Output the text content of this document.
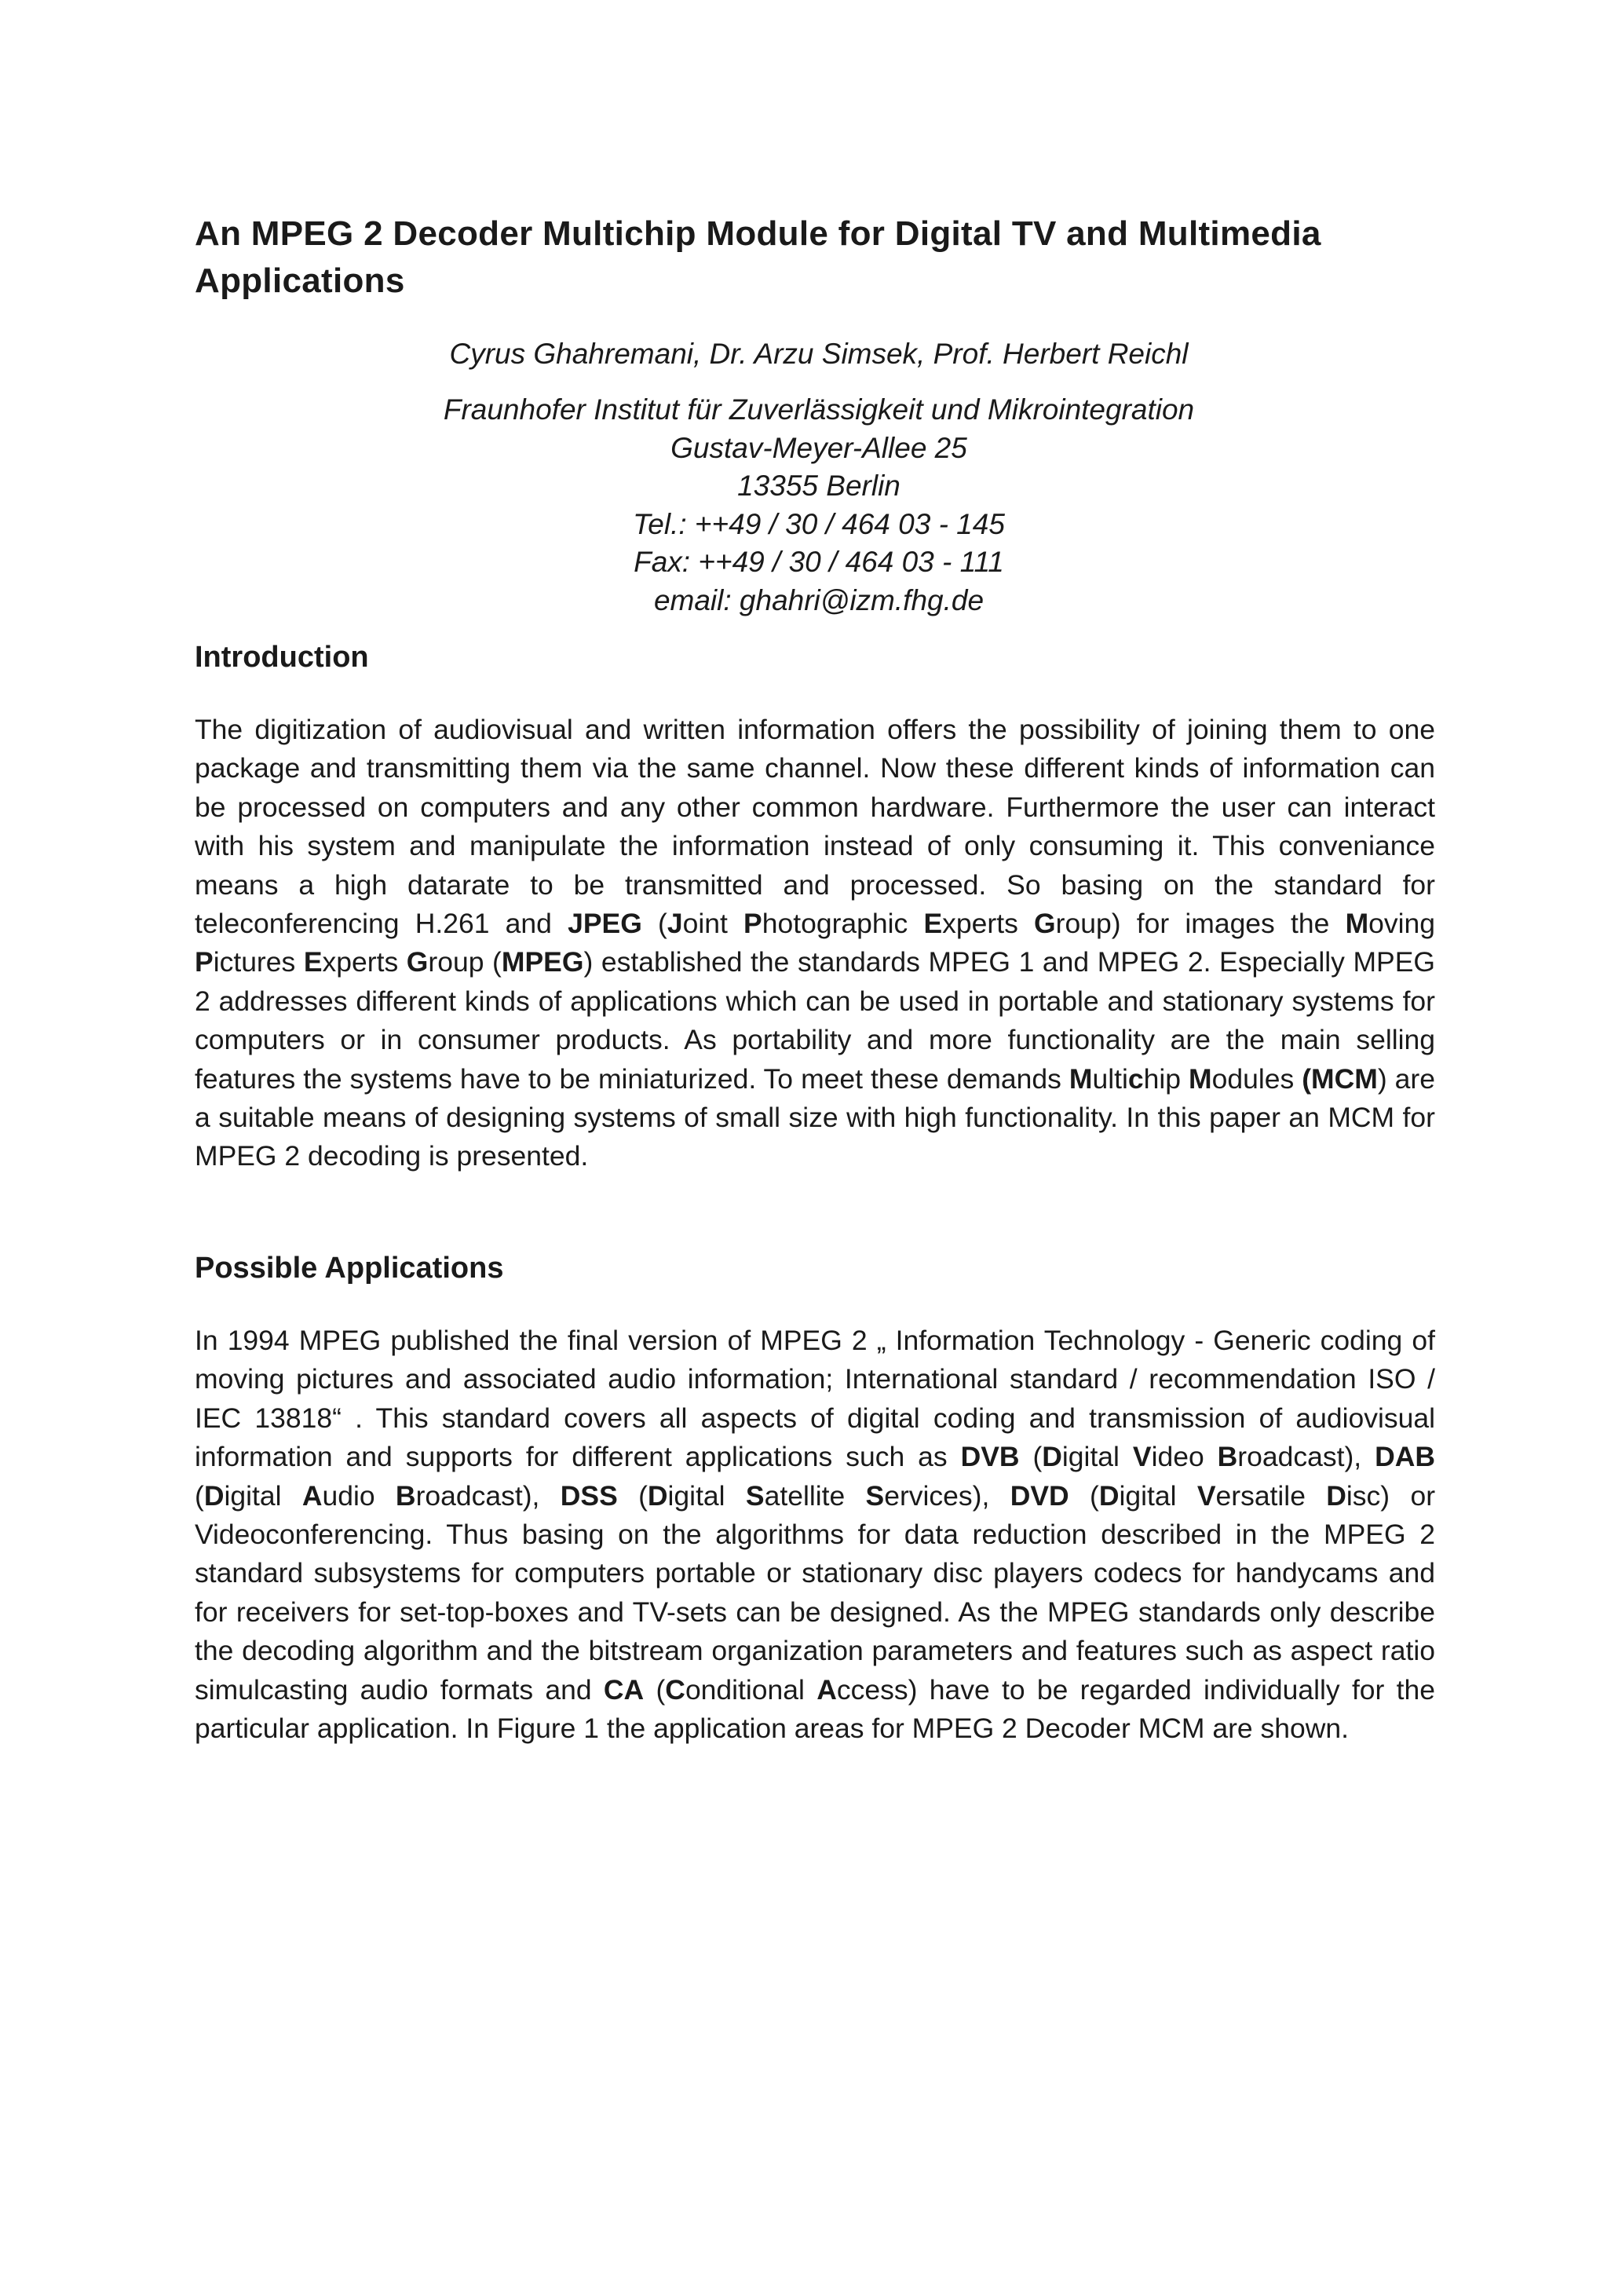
An MPEG 2 Decoder Multichip Module for Digital TV and Multimedia Applications

Cyrus Ghahremani, Dr. Arzu Simsek, Prof. Herbert Reichl

Fraunhofer Institut für Zuverlässigkeit und Mikrointegration

Gustav-Meyer-Allee 25

13355 Berlin

Tel.: ++49 / 30 / 464 03 - 145

Fax: ++49 / 30 / 464 03 - 111

email: ghahri@izm.fhg.de

Introduction

The digitization of audiovisual and written information offers the possibility of joining them to one package and transmitting them via the same channel. Now these different kinds of information can be processed on computers and any other common hardware. Furthermore the user can interact with his system and manipulate the information instead of only consuming it. This conveniance means a high datarate to be transmitted and processed. So basing on the standard for teleconferencing H.261 and JPEG (Joint Photographic Experts Group) for images the Moving Pictures Experts Group (MPEG) established the standards MPEG 1 and MPEG 2. Especially MPEG 2 addresses different kinds of applications which can be used in portable and stationary systems for computers or in consumer products. As portability and more functionality are the main selling features the systems have to be miniaturized. To meet these demands Multichip Modules (MCM) are a suitable means of designing systems of small size with high functionality. In this paper an MCM for MPEG 2 decoding is presented.

Possible Applications

In 1994 MPEG published the final version of MPEG 2 „ Information Technology - Generic coding of moving pictures and associated audio information; International standard / recommendation ISO / IEC 13818“ . This standard covers all aspects of digital coding and transmission of audiovisual information and supports for different applications such as DVB (Digital Video Broadcast), DAB (Digital Audio Broadcast), DSS (Digital Satellite Services), DVD (Digital Versatile Disc) or Videoconferencing. Thus basing on the algorithms for data reduction described in the MPEG 2 standard subsystems for computers portable or stationary disc players codecs for handycams and for receivers for set-top-boxes and TV-sets can be designed. As the MPEG standards only describe the decoding algorithm and the bitstream organization parameters and features such as aspect ratio simulcasting audio formats and CA (Conditional Access) have to be regarded individually for the particular application. In Figure 1 the application areas for MPEG 2 Decoder MCM are shown.
